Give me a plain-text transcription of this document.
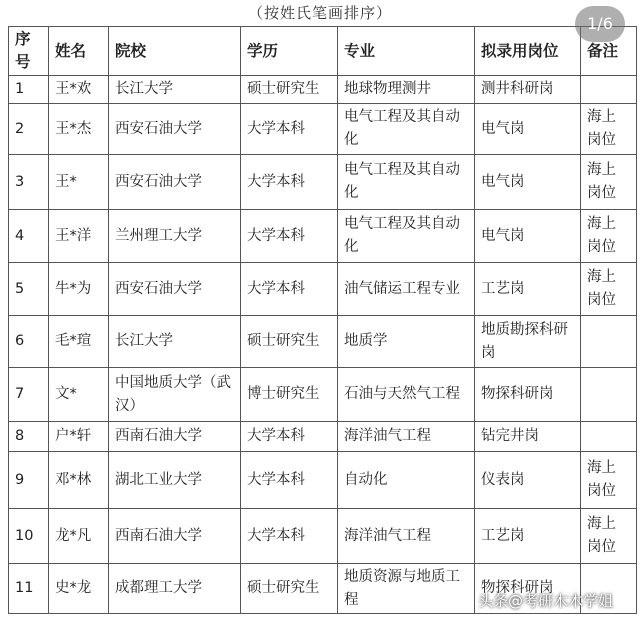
（按姓氏笔画排序）
1/6
序号	姓名	院校	学历	专业	拟录用岗位	备注
1	王*欢	长江大学	硕士研究生	地球物理测井	测井科研岗	
2	王*杰	西安石油大学	大学本科	电气工程及其自动化	电气岗	海上岗位
3	王*	西安石油大学	大学本科	电气工程及其自动化	电气岗	海上岗位
4	王*洋	兰州理工大学	大学本科	电气工程及其自动化	电气岗	海上岗位
5	牛*为	西安石油大学	大学本科	油气储运工程专业	工艺岗	海上岗位
6	毛*瑄	长江大学	硕士研究生	地质学	地质勘探科研岗	
7	文*	中国地质大学（武汉）	博士研究生	石油与天然气工程	物探科研岗	
8	户*轩	西南石油大学	大学本科	海洋油气工程	钻完井岗	
9	邓*林	湖北工业大学	大学本科	自动化	仪表岗	海上岗位
10	龙*凡	西南石油大学	大学本科	海洋油气工程	工艺岗	海上岗位
11	史*龙	成都理工大学	硕士研究生	地质资源与地质工程	物探科研岗	
头条@考研木木学姐
